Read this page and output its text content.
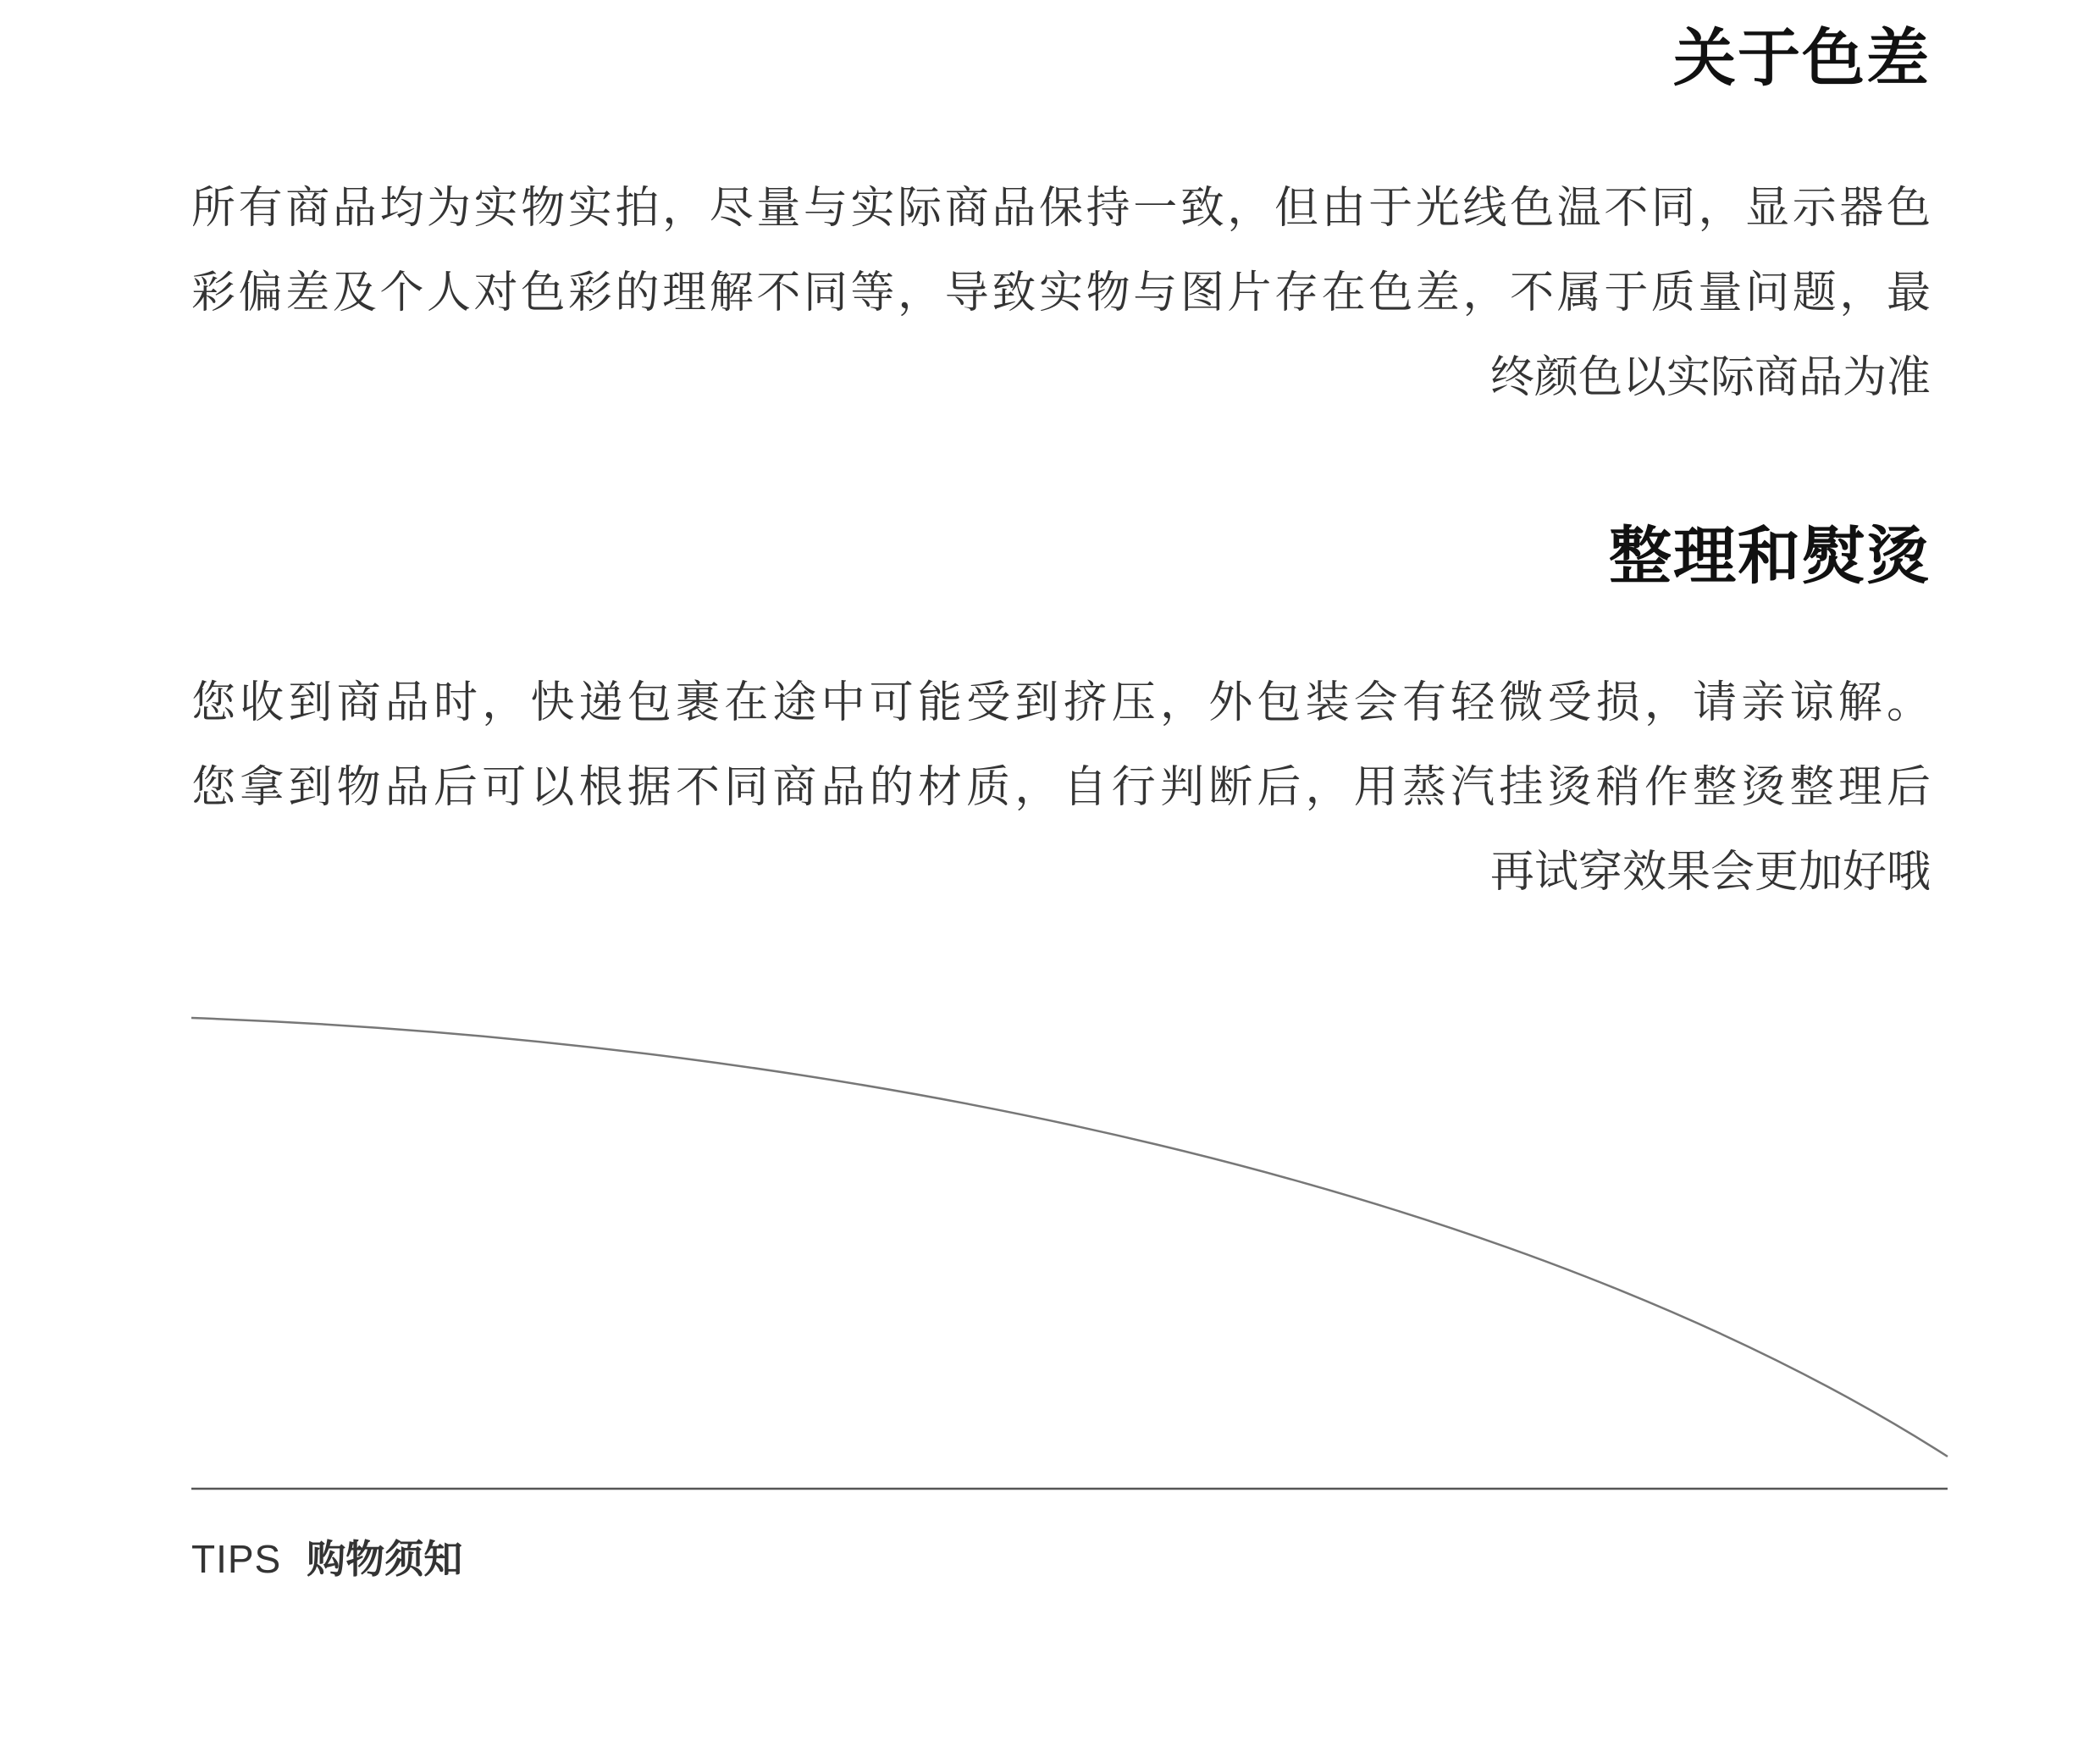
关于色差
所有商品均为实物实拍，尽量与实际商品保持一致，但由于光线色温不同，显示器色
彩偏差及个人对色彩的理解不同等，导致实物与图片存在色差，不属于质量问题，最
终颜色以实际商品为准
整理和熨烫
您收到商品时，快递包裹在途中可能受到挤压，外包装会有轻微受损，请亲谅解。
您拿到物品后可以根据不同商品的材质，自行判断后，用蒸汽挂烫稍作整烫整理后
再试穿效果会更加好哦
TIPS 购物须知
